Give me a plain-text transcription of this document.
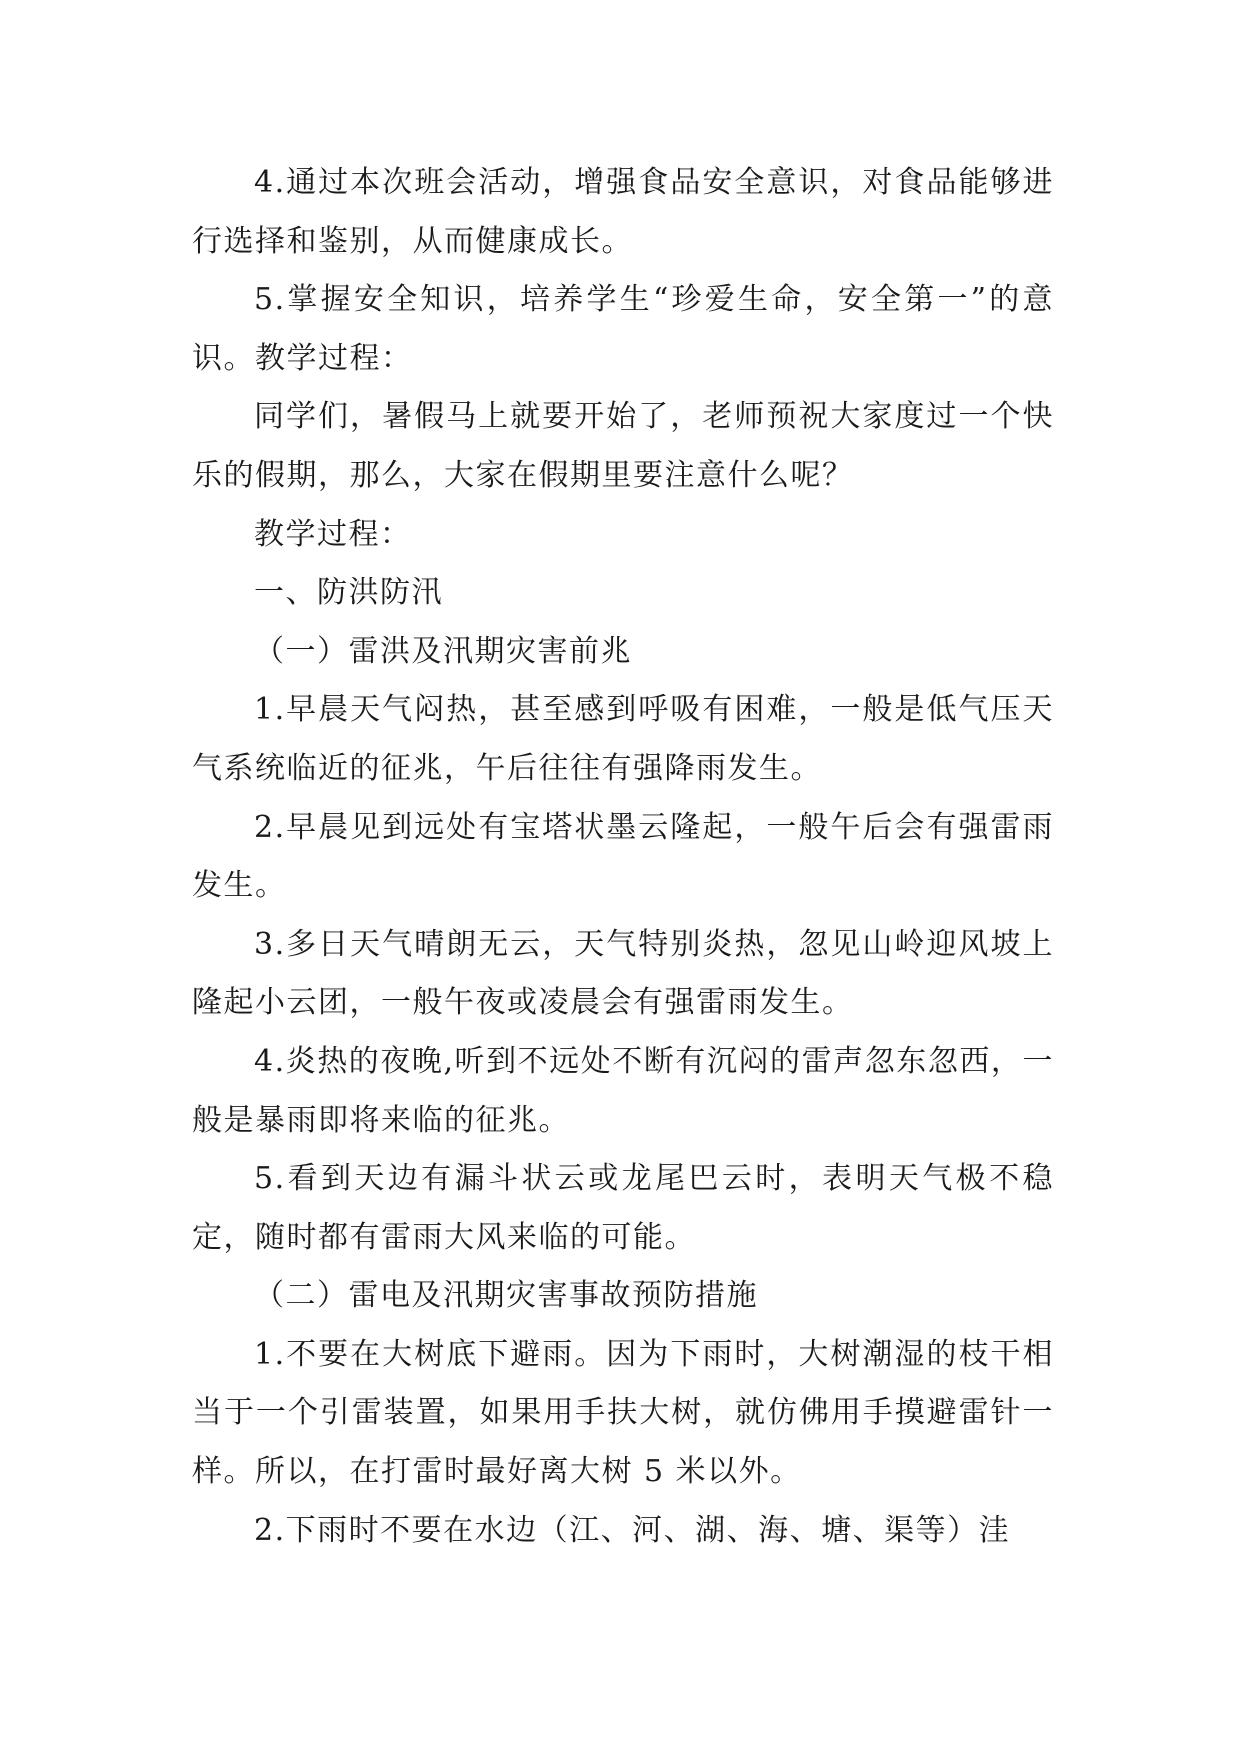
4.通过本次班会活动，增强食品安全意识，对食品能够进行选择和鉴别，从而健康成长。

5.掌握安全知识，培养学生“珍爱生命，安全第一”的意识。教学过程：

同学们，暑假马上就要开始了，老师预祝大家度过一个快乐的假期，那么，大家在假期里要注意什么呢？

教学过程：

一、防洪防汛

（一）雷洪及汛期灾害前兆

1.早晨天气闷热，甚至感到呼吸有困难，一般是低气压天气系统临近的征兆，午后往往有强降雨发生。

2.早晨见到远处有宝塔状墨云隆起，一般午后会有强雷雨发生。

3.多日天气晴朗无云，天气特别炎热，忽见山岭迎风坡上隆起小云团，一般午夜或凌晨会有强雷雨发生。

4.炎热的夜晚,听到不远处不断有沉闷的雷声忽东忽西，一般是暴雨即将来临的征兆。

5.看到天边有漏斗状云或龙尾巴云时，表明天气极不稳定，随时都有雷雨大风来临的可能。

（二）雷电及汛期灾害事故预防措施

1.不要在大树底下避雨。因为下雨时，大树潮湿的枝干相当于一个引雷装置，如果用手扶大树，就仿佛用手摸避雷针一样。所以，在打雷时最好离大树 5 米以外。

2.下雨时不要在水边（江、河、湖、海、塘、渠等）洼
